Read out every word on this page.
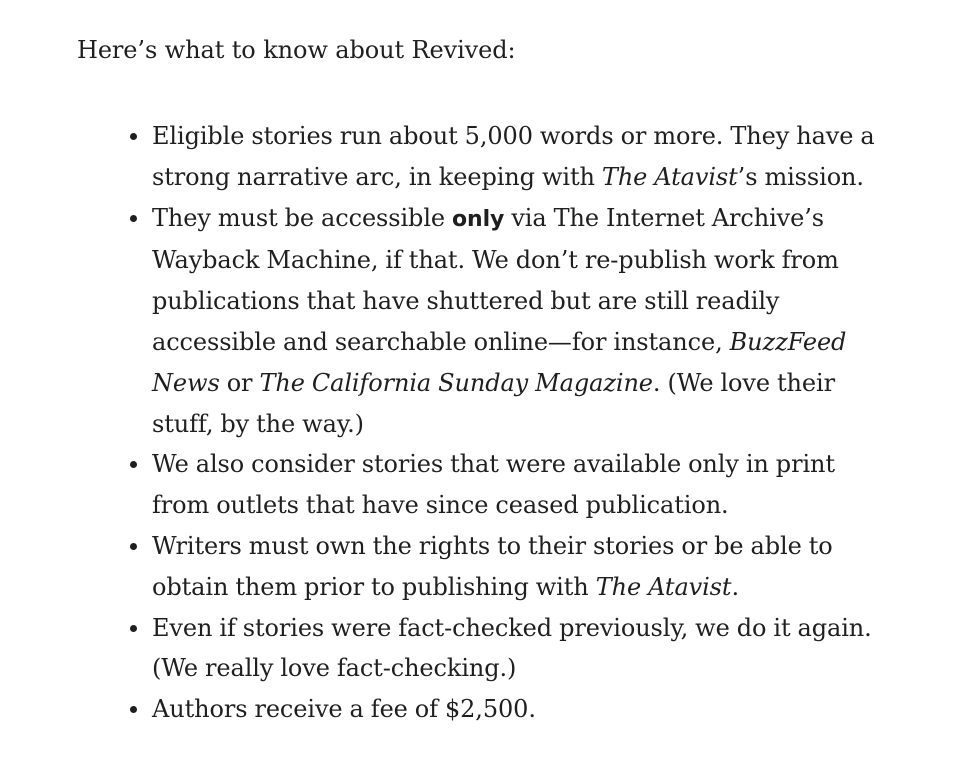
Here’s what to know about Revived:

Eligible stories run about 5,000 words or more. They have a strong narrative arc, in keeping with The Atavist’s mission.
They must be accessible only via The Internet Archive’s Wayback Machine, if that. We don’t re-publish work from publications that have shuttered but are still readily accessible and searchable online—for instance, BuzzFeed News or The California Sunday Magazine. (We love their stuff, by the way.)
We also consider stories that were available only in print from outlets that have since ceased publication.
Writers must own the rights to their stories or be able to obtain them prior to publishing with The Atavist.
Even if stories were fact-checked previously, we do it again. (We really love fact-checking.)
Authors receive a fee of $2,500.
